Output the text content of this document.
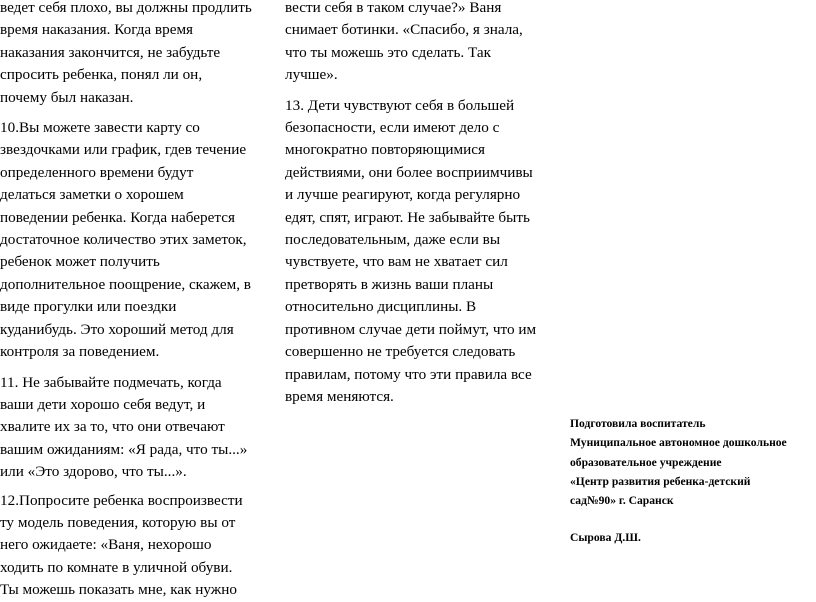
ведет себя плохо, вы должны продлить время наказания. Когда время наказания закончится, не забудьте спросить ребенка, понял ли он, почему был наказан.

10.Вы можете завести карту со звездочками или график, гдев течение определенного времени будут делаться заметки о хорошем поведении ребенка. Когда наберется достаточное количество этих заметок, ребенок может получить дополнительное поощрение, скажем, в виде прогулки или поездки куданибудь. Это хороший метод для контроля за поведением.

11. Не забывайте подмечать, когда ваши дети хорошо себя ведут, и хвалите их за то, что они отвечают вашим ожиданиям: «Я рада, что ты...» или «Это здорово, что ты...».

12.Попросите ребенка воспроизвести ту модель поведения, которую вы от него ожидаете: «Ваня, нехорошо ходить по комнате в уличной обуви. Ты можешь показать мне, как нужно

вести себя в таком случае?» Ваня снимает ботинки. «Спасибо, я знала, что ты можешь это сделать. Так лучше».

13. Дети чувствуют себя в большей безопасности, если имеют дело с многократно повторяющимися действиями, они более восприимчивы и лучше реагируют, когда регулярно едят, спят, играют. Не забывайте быть последовательным, даже если вы чувствуете, что вам не хватает сил претворять в жизнь ваши планы относительно дисциплины. В противном случае дети поймут, что им совершенно не требуется следовать правилам, потому что эти правила все время меняются.

Подготовила воспитатель

Муниципальное автономное дошкольное

образовательное учреждение

«Центр развития ребенка-детский

сад№90» г. Саранск

Сырова Д.Ш.
